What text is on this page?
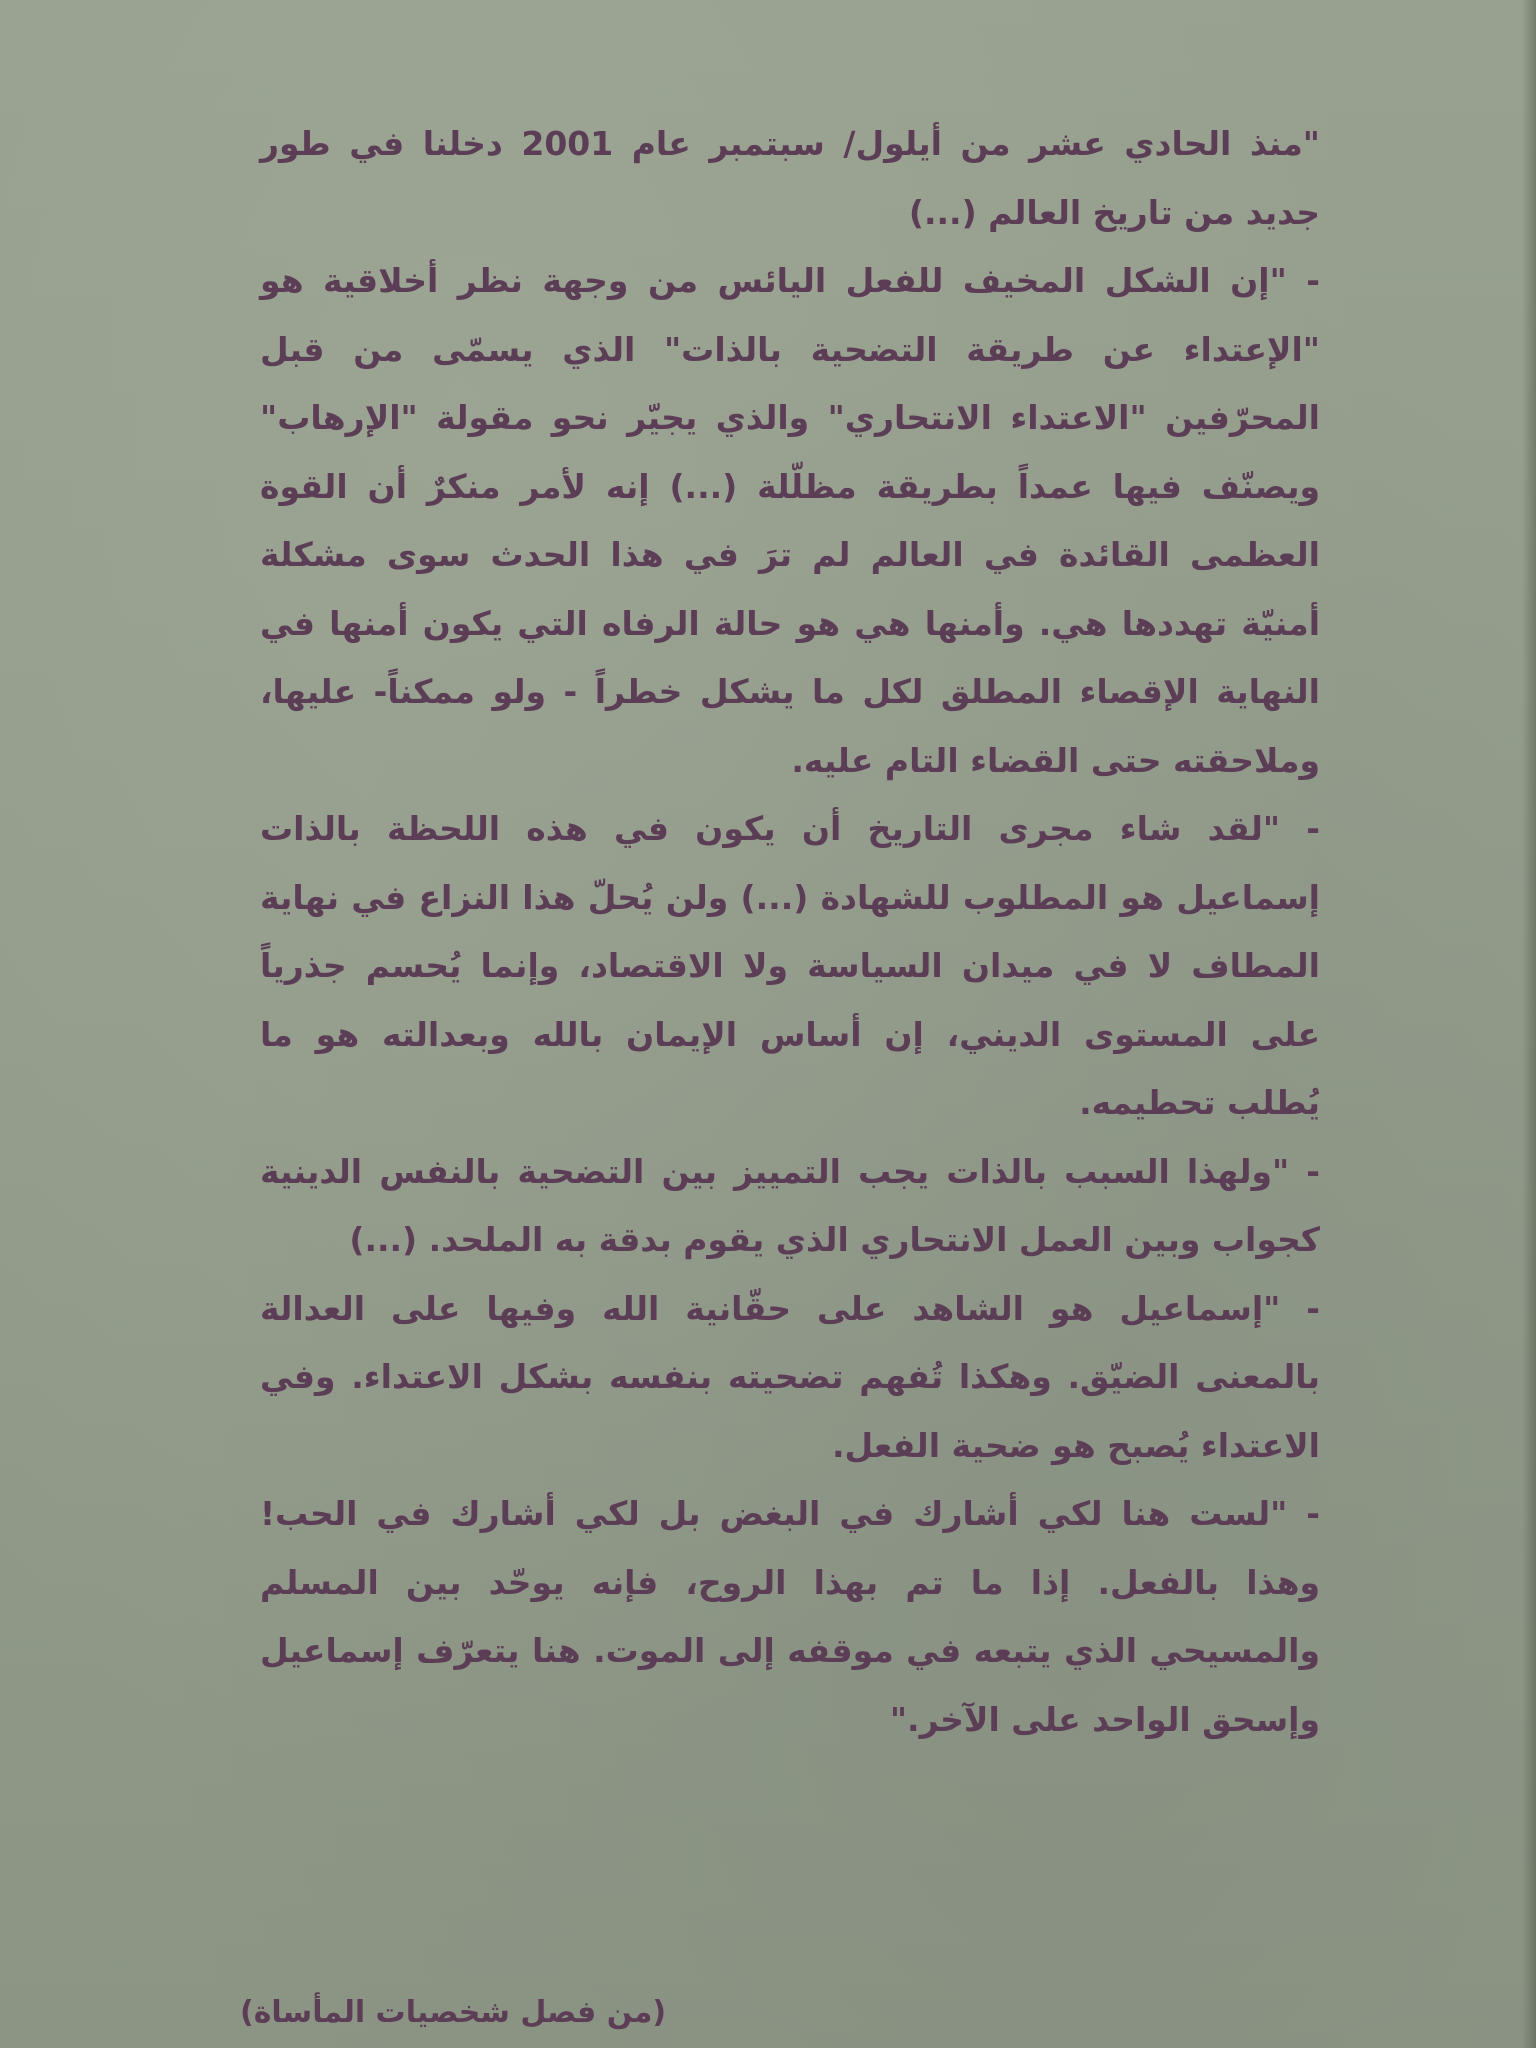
"منذ الحادي عشر من أيلول/ سبتمبر عام 2001 دخلنا في طور جديد من تاريخ العالم (...)

- "إن الشكل المخيف للفعل اليائس من وجهة نظر أخلاقية هو "الإعتداء عن طريقة التضحية بالذات" الذي يسمّى من قبل المحرّفين "الاعتداء الانتحاري" والذي يجيّر نحو مقولة "الإرهاب" ويصنّف فيها عمداً بطريقة مظلّلة (...) إنه لأمر منكرٌ أن القوة العظمى القائدة في العالم لم ترَ في هذا الحدث سوى مشكلة أمنيّة تهددها هي. وأمنها هي هو حالة الرفاه التي يكون أمنها في النهاية الإقصاء المطلق لكل ما يشكل خطراً - ولو ممكناً- عليها، وملاحقته حتى القضاء التام عليه.

- "لقد شاء مجرى التاريخ أن يكون في هذه اللحظة بالذات إسماعيل هو المطلوب للشهادة (...) ولن يُحلّ هذا النزاع في نهاية المطاف لا في ميدان السياسة ولا الاقتصاد، وإنما يُحسم جذرياً على المستوى الديني، إن أساس الإيمان بالله وبعدالته هو ما يُطلب تحطيمه.

- "ولهذا السبب بالذات يجب التمييز بين التضحية بالنفس الدينية كجواب وبين العمل الانتحاري الذي يقوم بدقة به الملحد. (...)

- "إسماعيل هو الشاهد على حقّانية الله وفيها على العدالة بالمعنى الضيّق. وهكذا تُفهم تضحيته بنفسه بشكل الاعتداء. وفي الاعتداء يُصبح هو ضحية الفعل.

- "لست هنا لكي أشارك في البغض بل لكي أشارك في الحب! وهذا بالفعل. إذا ما تم بهذا الروح، فإنه يوحّد بين المسلم والمسيحي الذي يتبعه في موقفه إلى الموت. هنا يتعرّف إسماعيل وإسحق الواحد على الآخر."

(من فصل شخصيات المأساة)
